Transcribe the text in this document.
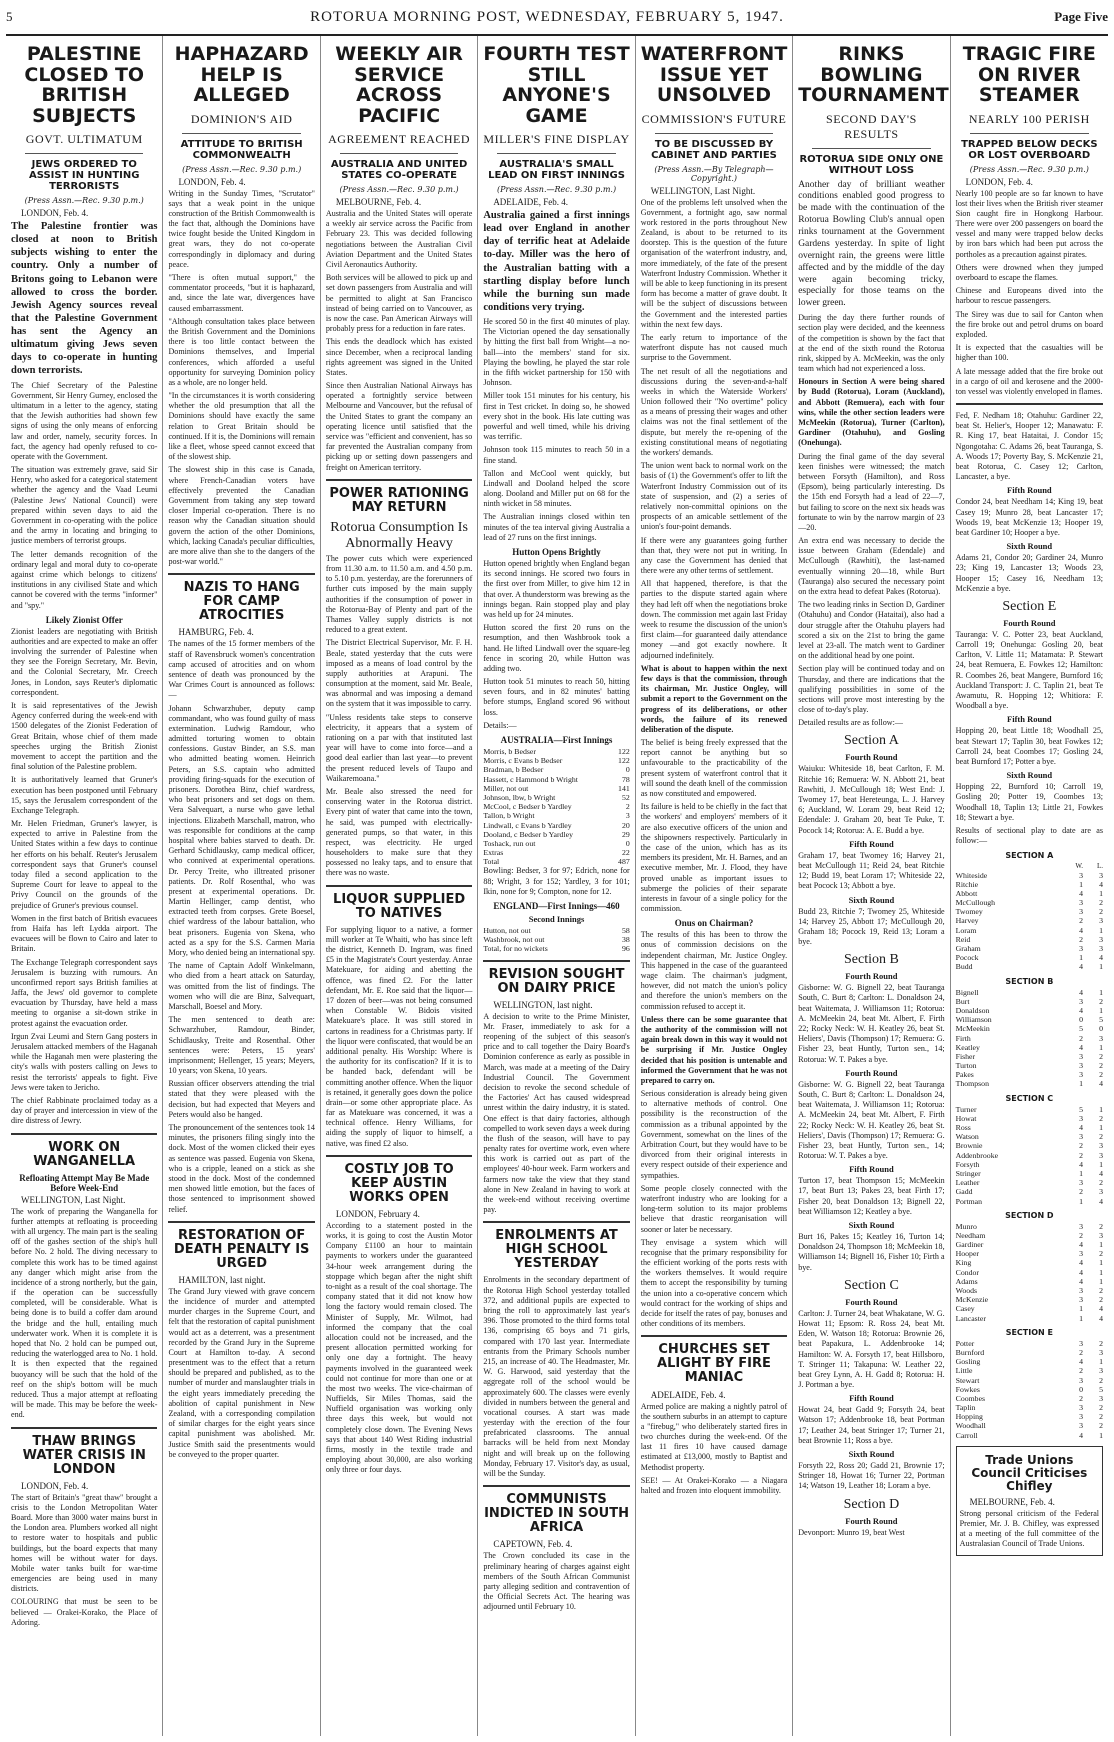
5	ROTORUA MORNING POST, WEDNESDAY, FEBRUARY 5, 1947.	Page Five
PALESTINE CLOSED TO BRITISH SUBJECTS
GOVT. ULTIMATUM
JEWS ORDERED TO ASSIST IN HUNTING TERRORISTS
(Press Assn.—Rec. 9.30 p.m.)
LONDON, Feb. 4.

The Palestine frontier was closed at noon to British subjects wishing to enter the country. Only a number of Britons going to Lebanon were allowed to cross the border. Jewish Agency sources reveal that the Palestine Government has sent the Agency an ultimatum giving Jews seven days to co-operate in hunting down terrorists.

The Chief Secretary of the Palestine Government, Sir Henry Gurney, enclosed the ultimatum in a letter to the agency, stating that the Jewish authorities had shown few signs of using the only means of enforcing law and order, namely, security forces. In fact, the agency had openly refused to co-operate with the Government.

The situation was extremely grave, said Sir Henry, who asked for a categorical statement whether the agency and the Vaad Leumi (Palestine Jews' National Council) were prepared within seven days to aid the Government in co-operating with the police and the army in locating and bringing to justice members of terrorist groups.

The letter demands recognition of the ordinary legal and moral duty to co-operate against crime which belongs to citizens' institutions in any civilised State and which cannot be covered with the terms "informer" and "spy."

Likely Zionist Offer

Zionist leaders are negotiating with British authorities and are expected to make an offer involving the surrender of Palestine when they see the Foreign Secretary, Mr. Bevin, and the Colonial Secretary, Mr. Creech Jones, in London, says Reuter's diplomatic correspondent.

It is said representatives of the Jewish Agency conferred during the week-end with 1500 delegates of the Zionist Federation of Great Britain, whose chief of them made speeches urging the British Zionist movement to accept the partition and the final solution of the Palestine problem.

It is authoritatively learned that Gruner's execution has been postponed until February 15, says the Jerusalem correspondent of the Exchange Telegraph.

Mr. Helen Friedman, Gruner's lawyer, is expected to arrive in Palestine from the United States within a few days to continue her efforts on his behalf. Reuter's Jerusalem correspondent says that Gruner's counsel today filed a second application to the Supreme Court for leave to appeal to the Privy Council on the grounds of the prejudice of Gruner's previous counsel.

Women in the first batch of British evacuees from Haifa has left Lydda airport. The evacuees will be flown to Cairo and later to Britain.

The Exchange Telegraph correspondent says Jerusalem is buzzing with rumours. An unconfirmed report says British families at Jaffa, the Jews' old governor to complete evacuation by Thursday, have held a mass meeting to organise a sit-down strike in protest against the evacuation order.

Irgun Zvai Leumi and Stern Gang posters in Jerusalem attacked members of the Haganah while the Haganah men were plastering the city's walls with posters calling on Jews to resist the terrorists' appeals to fight. Five Jews were taken to Jericho.

The chief Rabbinate proclaimed today as a day of prayer and intercession in view of the dire distress of Jewry.

WORK ON WANGANELLA
Refloating Attempt May Be Made Before Week-End
WELLINGTON, Last Night.

The work of preparing the Wanganella for further attempts at refloating is proceeding with all urgency. The main part is the sealing off of the gashes section of the ship's hull before No. 2 hold. The diving necessary to complete this work has to be timed against any danger which might arise from the incidence of a strong northerly, but the gain, if the operation can be successfully completed, will be considerable. What is being done is to build a coffer dam around the bridge and the hull, entailing much underwater work. When it is complete it is hoped that No. 2 hold can be pumped out, reducing the waterlogged area to No. 1 hold. It is then expected that the regained buoyancy will be such that the hold of the reef on the ship's bottom will be much reduced. Thus a major attempt at refloating will be made. This may be before the week-end.

THAW BRINGS WATER CRISIS IN LONDON
LONDON, Feb. 4.

The start of Britain's "great thaw" brought a crisis to the London Metropolitan Water Board. More than 3000 water mains burst in the London area. Plumbers worked all night to restore water to hospitals and public buildings, but the board expects that many homes will be without water for days. Mobile water tanks built for war-time emergencies are being used in many districts.

COLOURING that must be seen to be believed — Orakei-Korako, the Place of Adoring.

HAPHAZARD HELP IS ALLEGED
DOMINION'S AID
ATTITUDE TO BRITISH COMMONWEALTH
(Press Assn.—Rec. 9.30 p.m.)
LONDON, Feb. 4.

Writing in the Sunday Times, "Scrutator" says that a weak point in the unique construction of the British Commonwealth is the fact that, although the Dominions have twice fought beside the United Kingdom in great wars, they do not co-operate correspondingly in diplomacy and during peace.

"There is often mutual support," the commentator proceeds, "but it is haphazard, and, since the late war, divergences have caused embarrassment.

"Although consultation takes place between the British Government and the Dominions there is too little contact between the Dominions themselves, and Imperial conferences, which afforded a useful opportunity for surveying Dominion policy as a whole, are no longer held.

"In the circumstances it is worth considering whether the old presumption that all the Dominions should have exactly the same relation to Great Britain should be continued. If it is, the Dominions will remain like a fleet, whose speed cannot exceed that of the slowest ship.

The slowest ship in this case is Canada, where French-Canadian voters have effectively prevented the Canadian Government from taking any step toward closer Imperial co-operation. There is no reason why the Canadian situation should govern the action of the other Dominions, which, lacking Canada's peculiar difficulties, are more alive than she to the dangers of the post-war world."

NAZIS TO HANG FOR CAMP ATROCITIES
HAMBURG, Feb. 4.

The names of the 15 former members of the staff of Ravensbruck women's concentration camp accused of atrocities and on whom sentence of death was pronounced by the War Crimes Court is announced as follows:—

Johann Schwarzhuber, deputy camp commandant, who was found guilty of mass extermination. Ludwig Ramdour, who admitted torturing women to obtain confessions. Gustav Binder, an S.S. man who admitted beating women. Heinrich Peters, an S.S. captain who admitted providing firing-squads for the execution of prisoners. Dorothea Binz, chief wardress, who beat prisoners and set dogs on them. Vera Salvequart, a nurse who gave lethal injections. Elizabeth Marschall, matron, who was responsible for conditions at the camp hospital where babies starved to death. Dr. Gerhard Schidlausky, camp medical officer, who connived at experimental operations. Dr. Percy Treite, who illtreated prisoner patients. Dr. Rolf Rosenthal, who was present at experimental operations. Dr. Martin Hellinger, camp dentist, who extracted teeth from corpses. Grete Boesel, chief wardress of the labour battalion, who beat prisoners. Eugenia von Skena, who acted as a spy for the S.S. Carmen Maria Mory, who denied being an international spy.

The name of Captain Adolf Winkelmann, who died from a heart attack on Saturday, was omitted from the list of findings. The women who will die are Binz, Salvequart, Marschall, Boesel and Mory.

The men sentenced to death are: Schwarzhuber, Ramdour, Binder, Schidlausky, Treite and Rosenthal. Other sentences were: Peters, 15 years' imprisonment; Hellenger, 15 years; Meyers, 10 years; von Skena, 10 years.

Russian officer observers attending the trial stated that they were pleased with the decision, but had expected that Meyers and Peters would also be hanged.

The pronouncement of the sentences took 14 minutes, the prisoners filing singly into the dock. Most of the women clicked their eyes as sentence was passed. Eugenia von Skena, who is a cripple, leaned on a stick as she stood in the dock. Most of the condemned men showed little emotion, but the faces of those sentenced to imprisonment showed relief.

RESTORATION OF DEATH PENALTY IS URGED
HAMILTON, last night.

The Grand Jury viewed with grave concern the incidence of murder and attempted murder charges in the Supreme Court, and felt that the restoration of capital punishment would act as a deterrent, was a presentment recorded by the Grand Jury in the Supreme Court at Hamilton to-day. A second presentment was to the effect that a return should be prepared and published, as to the number of murder and manslaughter trials in the eight years immediately preceding the abolition of capital punishment in New Zealand, with a corresponding compilation of similar charges for the eight years since capital punishment was abolished. Mr. Justice Smith said the presentments would be conveyed to the proper quarter.

WEEKLY AIR SERVICE ACROSS PACIFIC
AGREEMENT REACHED
AUSTRALIA AND UNITED STATES CO-OPERATE
(Press Assn.—Rec. 9.30 p.m.)
MELBOURNE, Feb. 4.

Australia and the United States will operate a weekly air service across the Pacific from February 23. This was decided following negotiations between the Australian Civil Aviation Department and the United States Civil Aeronautics Authority.

Both services will be allowed to pick up and set down passengers from Australia and will be permitted to alight at San Francisco instead of being carried on to Vancouver, as is now the case. Pan American Airways will probably press for a reduction in fare rates.

This ends the deadlock which has existed since December, when a reciprocal landing rights agreement was signed in the United States.

Since then Australian National Airways has operated a fortnightly service between Melbourne and Vancouver, but the refusal of the United States to grant the company an operating licence until satisfied that the service was "efficient and convenient, has so far prevented the Australian company from picking up or setting down passengers and freight on American territory.

POWER RATIONING MAY RETURN
Rotorua Consumption Is Abnormally Heavy

The power cuts which were experienced from 11.30 a.m. to 11.50 a.m. and 4.50 p.m. to 5.10 p.m. yesterday, are the forerunners of further cuts imposed by the main supply authorities if the consumption of power in the Rotorua-Bay of Plenty and part of the Thames Valley supply districts is not reduced to a great extent.

The District Electrical Supervisor, Mr. F. H. Beale, stated yesterday that the cuts were imposed as a means of load control by the supply authorities at Arapuni. The consumption at the moment, said Mr. Beale, was abnormal and was imposing a demand on the system that it was impossible to carry.

"Unless residents take steps to conserve electricity, it appears that a system of rationing on a par with that instituted last year will have to come into force—and a good deal earlier than last year—to prevent the present reduced levels of Taupo and Waikaremoana."

Mr. Beale also stressed the need for conserving water in the Rotorua district. Every pint of water that came into the town, he said, was pumped with electrically-generated pumps, so that water, in this respect, was electricity. He urged householders to make sure that they possessed no leaky taps, and to ensure that there was no waste.

LIQUOR SUPPLIED TO NATIVES

For supplying liquor to a native, a former mill worker at Te Whaiti, who has since left the district, Kenneth D. Ingram, was fined £5 in the Magistrate's Court yesterday. Anrae Matekuare, for aiding and abetting the offence, was fined £2. For the latter defendant, Mr. E. Roe said that the liquor—17 dozen of beer—was not being consumed when Constable W. Bidois visited Matekuare's place. It was still stored in cartons in readiness for a Christmas party. If the liquor were confiscated, that would be an additional penalty. His Worship: Where is the authority for its confiscation? If it is to be handed back, defendant will be committing another offence. When the liquor is retained, it generally goes down the police drain—or some other appropriate place. As far as Matekuare was concerned, it was a technical offence. Henry Williams, for aiding the supply of liquor to himself, a native, was fined £2 also.

COSTLY JOB TO KEEP AUSTIN WORKS OPEN
LONDON, February 4.

According to a statement posted in the works, it is going to cost the Austin Motor Company £1100 an hour to maintain payments to workers under the guaranteed 34-hour week arrangement during the stoppage which began after the night shift to-night as a result of the coal shortage. The company stated that it did not know how long the factory would remain closed. The Minister of Supply, Mr. Wilmot, had informed the company that the coal allocation could not be increased, and the present allocation permitted working for only one day a fortnight. The heavy payments involved in the guaranteed week could not continue for more than one or at the most two weeks. The vice-chairman of Nuffields, Sir Miles Thomas, said the Nuffield organisation was working only three days this week, but would not completely close down. The Evening News says that about 140 West Riding industrial firms, mostly in the textile trade and employing about 30,000, are also working only three or four days.

FOURTH TEST STILL ANYONE'S GAME
MILLER'S FINE DISPLAY
AUSTRALIA'S SMALL LEAD ON FIRST INNINGS
(Press Assn.—Rec. 9.30 p.m.)
ADELAIDE, Feb. 4.

Australia gained a first innings lead over England in another day of terrific heat at Adelaide to-day. Miller was the hero of the Australian batting with a startling display before lunch while the burning sun made conditions very trying.

He scored 50 in the first 40 minutes of play. The Victorian opened the day sensationally by hitting the first ball from Wright—a no-ball—into the members' stand for six. Playing the bowling, he played the star role in the fifth wicket partnership for 150 with Johnson.

Miller took 151 minutes for his century, his first in Test cricket. In doing so, he showed every shot in the book. His late cutting was powerful and well timed, while his driving was terrific.

Johnson took 115 minutes to reach 50 in a fine stand.

Tallon and McCool went quickly, but Lindwall and Dooland helped the score along. Dooland and Miller put on 68 for the ninth wicket in 58 minutes.

The Australian innings closed within ten minutes of the tea interval giving Australia a lead of 27 runs on the first innings.

Hutton Opens Brightly

Hutton opened brightly when England began its second innings. He scored two fours in the first over from Miller, to give him 12 in that over. A thunderstorm was brewing as the innings began. Rain stopped play and play was held up for 24 minutes.

Hutton scored the first 20 runs on the resumption, and then Washbrook took a hand. He lifted Lindwall over the square-leg fence in scoring 20, while Hutton was adding two.

Hutton took 51 minutes to reach 50, hitting seven fours, and in 82 minutes' batting before stumps, England scored 96 without loss.

Details:—

AUSTRALIA—First Innings
Morris, b Bedser	122
Morris, c Evans b Bedser	122
Bradman, b Bedser	0
Hassett, c Hammond b Wright	78
Miller, not out	141
Johnson, lbw, b Wright	52
McCool, c Bedser b Yardley	2
Tallon, b Wright	3
Lindwall, c Evans b Yardley	20
Dooland, c Bedser b Yardley	29
Toshack, run out	0
Extras	22
Total	487

Bowling: Bedser, 3 for 97; Edrich, none for 88; Wright, 3 for 152; Yardley, 3 for 101; Ikin, none for 9; Compton, none for 12.

ENGLAND—First Innings—460
Second Innings
Hutton, not out	58
Washbrook, not out	38
Total, for no wickets	96
REVISION SOUGHT ON DAIRY PRICE
WELLINGTON, last night.

A decision to write to the Prime Minister, Mr. Fraser, immediately to ask for a reopening of the subject of this season's price and to call together the Dairy Board's Dominion conference as early as possible in March, was made at a meeting of the Dairy Industrial Council. The Government decision to revoke the second schedule of the Factories' Act has caused widespread unrest within the dairy industry, it is stated. One effect is that dairy factories, although compelled to work seven days a week during the flush of the season, will have to pay penalty rates for overtime work, even where this work is carried out as part of the employees' 40-hour week. Farm workers and farmers now take the view that they stand alone in New Zealand in having to work at the week-end without receiving overtime pay.

ENROLMENTS AT HIGH SCHOOL YESTERDAY

Enrolments in the secondary department of the Rotorua High School yesterday totalled 372, and additional pupils are expected to bring the roll to approximately last year's 396. Those promoted to the third forms total 136, comprising 65 boys and 71 girls, compared with 170 last year. Intermediate entrants from the Primary Schools number 215, an increase of 40. The Headmaster, Mr. W. G. Harwood, said yesterday that the aggregate roll of the school would be approximately 600. The classes were evenly divided in numbers between the general and vocational courses. A start was made yesterday with the erection of the four prefabricated classrooms. The annual barracks will be held from next Monday night and will break up on the following Monday, February 17. Visitor's day, as usual, will be the Sunday.

COMMUNISTS INDICTED IN SOUTH AFRICA
CAPETOWN, Feb. 4.

The Crown concluded its case in the preliminary hearing of charges against eight members of the South African Communist party alleging sedition and contravention of the Official Secrets Act. The hearing was adjourned until February 10.

WATERFRONT ISSUE YET UNSOLVED
COMMISSION'S FUTURE
TO BE DISCUSSED BY CABINET AND PARTIES
(Press Assn.—By Telegraph—Copyright.)
WELLINGTON, Last Night.

One of the problems left unsolved when the Government, a fortnight ago, saw normal work restored in the ports throughout New Zealand, is about to be returned to its doorstep. This is the question of the future organisation of the waterfront industry, and, more immediately, of the fate of the present Waterfront Industry Commission. Whether it will be able to keep functioning in its present form has become a matter of grave doubt. It will be the subject of discussions between the Government and the interested parties within the next few days.

The early return to importance of the waterfront dispute has not caused much surprise to the Government.

The net result of all the negotiations and discussions during the seven-and-a-half weeks in which the Waterside Workers' Union followed their "No overtime" policy as a means of pressing their wages and other claims was not the final settlement of the dispute, but merely the re-opening of the existing constitutional means of negotiating the workers' demands.

The union went back to normal work on the basis of (1) the Government's offer to lift the Waterfront Industry Commission out of its state of suspension, and (2) a series of relatively non-committal opinions on the prospects of an amicable settlement of the union's four-point demands.

If there were any guarantees going further than that, they were not put in writing. In any case the Government has denied that there were any other terms of settlement.

All that happened, therefore, is that the parties to the dispute started again where they had left off when the negotiations broke down. The commission met again last Friday week to resume the discussion of the union's first claim—for guaranteed daily attendance money —and got exactly nowhere. It adjourned indefinitely.

What is about to happen within the next few days is that the commission, through its chairman, Mr. Justice Ongley, will submit a report to the Government on the progress of its deliberations, or other words, the failure of its renewed deliberation of the dispute.

The belief is being freely expressed that the report cannot be anything but so unfavourable to the practicability of the present system of waterfront control that it will sound the death knell of the commission as now constituted and empowered.

Its failure is held to be chiefly in the fact that the workers' and employers' members of it are also executive officers of the union and the shipowners respectively. Particularly in the case of the union, which has as its members its president, Mr. H. Barnes, and an executive member, Mr. J. Flood, they have proved unable as important issues to submerge the policies of their separate interests in favour of a single policy for the commission.

Onus on Chairman?

The results of this has been to throw the onus of commission decisions on the independent chairman, Mr. Justice Ongley. This happened in the case of the guaranteed wage claim. The chairman's judgment, however, did not match the union's policy and therefore the union's members on the commission refused to accept it.

Unless there can be some guarantee that the authority of the commission will not again break down in this way it would not be surprising if Mr. Justice Ongley decided that his position is untenable and informed the Government that he was not prepared to carry on.

Serious consideration is already being given to alternative methods of control. One possibility is the reconstruction of the commission as a tribunal appointed by the Government, somewhat on the lines of the Arbitration Court, but they would have to be divorced from their original interests in every respect outside of their experience and sympathies.

Some people closely connected with the waterfront industry who are looking for a long-term solution to its major problems believe that drastic reorganisation will sooner or later be necessary.

They envisage a system which will recognise that the primary responsibility for the efficient working of the ports rests with the workers themselves. It would require them to accept the responsibility by turning the union into a co-operative concern which would contract for the working of ships and decide for itself the rates of pay, bonuses and other conditions of its members.

CHURCHES SET ALIGHT BY FIRE MANIAC
ADELAIDE, Feb. 4.

Armed police are making a nightly patrol of the southern suburbs in an attempt to capture a "firebug," who deliberately started fires in two churches during the week-end. Of the last 11 fires 10 have caused damage estimated at £13,000, mostly to Baptist and Methodist property.

SEE! — At Orakei-Korako — a Niagara halted and frozen into eloquent immobility.

RINKS BOWLING TOURNAMENT
SECOND DAY'S RESULTS
ROTORUA SIDE ONLY ONE WITHOUT LOSS

Another day of brilliant weather conditions enabled good progress to be made with the continuation of the Rotorua Bowling Club's annual open rinks tournament at the Government Gardens yesterday. In spite of light overnight rain, the greens were little affected and by the middle of the day were again becoming tricky, especially for those teams on the lower green.

During the day there further rounds of section play were decided, and the keenness of the competition is shown by the fact that at the end of the sixth round the Rotorua rink, skipped by A. McMeekin, was the only team which had not experienced a loss.

Honours in Section A were being shared by Budd (Rotorua), Loram (Auckland), and Abbott (Remuera), each with four wins, while the other section leaders were McMeekin (Rotorua), Turner (Carlton), Gardiner (Otahuhu), and Gosling (Onehunga).

During the final game of the day several keen finishes were witnessed; the match between Forsyth (Hamilton), and Ross (Epsom), being particularly interesting. Ds the 15th end Forsyth had a lead of 22—7, but failing to score on the next six heads was fortunate to win by the narrow margin of 23—20.

An extra end was necessary to decide the issue between Graham (Edendale) and McCullough (Rawhiti), the last-named eventually winning 20—18, while Burt (Tauranga) also secured the necessary point on the extra head to defeat Pakes (Rotorua).

The two leading rinks in Section D, Gardiner (Otahuhu) and Condor (Hataitai), also had a dour struggle after the Otahuhu players had scored a six on the 21st to bring the game level at 23-all. The match went to Gardiner on the additional head by one point.

Section play will be continued today and on Thursday, and there are indications that the qualifying possibilities in some of the sections will prove most interesting by the close of to-day's play.

Detailed results are as follow:—

Section A
Fourth Round

Waiuku: Whiteside 18, beat Carlton, F. M. Ritchie 16; Remuera: W. N. Abbott 21, beat Rawhiti, J. McCullough 18; West End: J. Twomey 17, beat Hereteunga, L. J. Harvey 6; Auckland, W. Loram 29, beat Reid 12; Edendale: J. Graham 20, beat Te Puke, T. Pocock 14; Rotorua: A. E. Budd a bye.

Fifth Round

Graham 17, beat Twomey 16; Harvey 21, beat McCullough 11; Reid 24, beat Ritchie 12; Budd 19, beat Loram 17; Whiteside 22, beat Pocock 13; Abbott a bye.

Sixth Round

Budd 23, Ritchie 7; Twomey 25, Whiteside 14; Harvey 25, Abbott 17; McCullough 20, Graham 18; Pocock 19, Reid 13; Loram a bye.

Section B
Fourth Round

Gisborne: W. G. Bignell 22, beat Tauranga South, C. Burt 8; Carlton: L. Donaldson 24, beat Waitemata, J. Williamson 11; Rotorua: A. McMeekin 24, beat Mt. Albert, F. Firth 22; Rocky Neck: W. H. Keatley 26, beat St. Heliers', Davis (Thompson) 17; Remuera: G. Fisher 23, beat Huntly, Turton sen., 14; Rotorua: W. T. Pakes a bye.

Fourth Round

Gisborne: W. G. Bignell 22, beat Tauranga South, C. Burt 8; Carlton: L. Donaldson 24, beat Waitemata, J. Williamson 11; Rotorua: A. McMeekin 24, beat Mt. Albert, F. Firth 22; Rocky Neck: W. H. Keatley 26, beat St. Heliers', Davis (Thompson) 17; Remuera: G. Fisher 23, beat Huntly, Turton sen., 14; Rotorua: W. T. Pakes a bye.

Fifth Round

Turton 17, beat Thompson 15; McMeekin 17, beat Burt 13; Pakes 23, beat Firth 17; Fisher 20, beat Donaldson 13; Bignell 22, beat Williamson 12; Keatley a bye.

Sixth Round

Burt 16, Pakes 15; Keatley 16, Turton 14; Donaldson 24, Thompson 18; McMeekin 18, Williamson 14; Bignell 16, Fisher 10; Firth a bye.

Section C
Fourth Round

Carlton: J. Turner 24, beat Whakatane, W. G. Howat 11; Epsom: R. Ross 24, beat Mt. Eden, W. Watson 18; Rotorua: Brownie 26, beat Papakura, L. Addenbrooke 14; Hamilton: W. A. Forsyth 17, beat Hillsboro, T. Stringer 11; Takapuna: W. Leather 22, beat Grey Lynn, A. H. Gadd 8; Rotorua: H. J. Portman a bye.

Fifth Round

Howat 24, beat Gadd 9; Forsyth 24, beat Watson 17; Addenbrooke 18, beat Portman 17; Leather 24, beat Stringer 17; Turner 21, beat Brownie 11; Ross a bye.

Sixth Round

Forsyth 22, Ross 20; Gadd 21, Brownie 17; Stringer 18, Howat 16; Turner 22, Portman 14; Watson 19, Leather 18; Loram a bye.

Section D
Fourth Round

Devonport: Munro 19, beat West

TRAGIC FIRE ON RIVER STEAMER
NEARLY 100 PERISH
TRAPPED BELOW DECKS OR LOST OVERBOARD
(Press Assn.—Rec. 9.30 p.m.)
LONDON, Feb. 4.

Nearly 100 people are so far known to have lost their lives when the British river steamer Sion caught fire in Hongkong Harbour. There were over 200 passengers on board the vessel and many were trapped below decks by iron bars which had been put across the portholes as a precaution against pirates.

Others were drowned when they jumped overboard to escape the flames.

Chinese and Europeans dived into the harbour to rescue passengers.

The Sirey was due to sail for Canton when the fire broke out and petrol drums on board exploded.

It is expected that the casualties will be higher than 100.

A late message added that the fire broke out in a cargo of oil and kerosene and the 2000-ton vessel was violently enveloped in flames.

Fed, F. Nedham 18; Otahuhu: Gardiner 22, beat St. Helier's, Hooper 12; Manawatu: F. R. King 17, beat Hataitai, J. Condor 15; Ngongotaha: C. Adams 26, beat Tauranga, S. A. Woods 17; Poverty Bay, S. McKenzie 21, beat Rotorua, C. Casey 12; Carlton, Lancaster, a bye.

Fifth Round

Condor 24, beat Needham 14; King 19, beat Casey 19; Munro 28, beat Lancaster 17; Woods 19, beat McKenzie 13; Hooper 19, beat Gardiner 10; Hooper a bye.

Sixth Round

Adams 21, Condor 20; Gardiner 24, Munro 23; King 19, Lancaster 13; Woods 23, Hooper 15; Casey 16, Needham 13; McKenzie a bye.

Section E
Fourth Round

Tauranga: V. C. Potter 23, beat Auckland, Carroll 19; Onehunga: Gosling 20, beat Carlton, V. Little 11; Matamata: P. Stewart 24, beat Remuera, E. Fowkes 12; Hamilton: R. Coombes 26, beat Mangere, Burnford 16; Auckland Transport: J. C. Taplin 21, beat Te Awamutu, R. Hopping 12; Whitiora: F. Woodball a bye.

Fifth Round

Hopping 20, beat Little 18; Woodhall 25, beat Stewart 17; Taplin 30, beat Fowkes 12; Carroll 24, beat Coombes 17; Gosling 24, beat Burnford 17; Potter a bye.

Sixth Round

Hopping 22, Burnford 10; Carroll 19, Gosling 20; Potter 19, Coombes 13; Woodhall 18, Taplin 13; Little 21, Fowkes 18; Stewart a bye.

Results of sectional play to date are as follow:—

SECTION A
	W.	L.
Whiteside	3	3
Ritchie	1	4
Abbott	4	1
McCullough	3	2
Twomey	3	2
Harvey	2	3
Loram	4	1
Reid	2	3
Graham	3	3
Pocock	1	4
Budd	4	1
SECTION B
Bignell	4	1
Burt	3	2
Donaldson	4	1
Williamson	0	5
McMeekin	5	0
Firth	2	3
Keatley	4	1
Fisher	3	2
Turton	3	2
Pakes	3	2
Thompson	1	4
SECTION C
Turner	5	1
Howat	3	2
Ross	4	1
Watson	3	2
Brownie	2	3
Addenbrooke	2	3
Forsyth	4	1
Stringer	1	4
Leather	3	2
Gadd	2	3
Portman	1	4
SECTION D
Munro	3	2
Needham	2	3
Gardiner	4	1
Hooper	3	2
King	4	1
Condor	4	1
Adams	4	1
Woods	3	2
McKenzie	3	2
Casey	1	4
Lancaster	1	4
SECTION E
Potter	3	2
Burnford	2	3
Gosling	4	1
Little	2	3
Stewart	3	2
Fowkes	0	5
Coombes	2	3
Taplin	3	2
Hopping	3	2
Woodhall	3	2
Carroll	4	1
Trade Unions Council Criticises Chifley
MELBOURNE, Feb. 4.

Strong personal criticism of the Federal Premier, Mr. J. B. Chifley, was expressed at a meeting of the full committee of the Australasian Council of Trade Unions.
